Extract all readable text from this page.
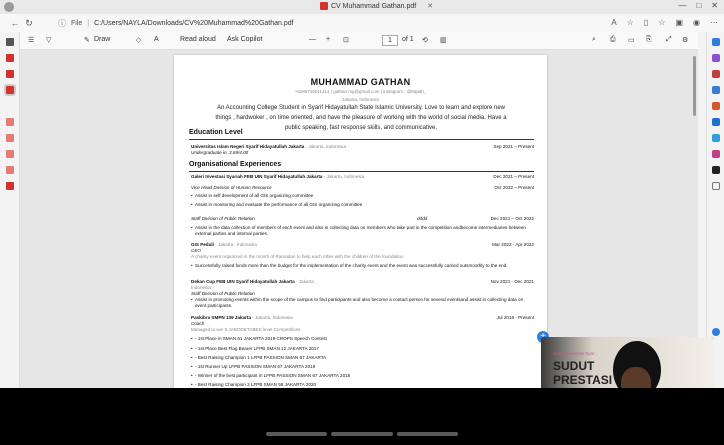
CV Muhammad Gathan.pdf ✕	— □ ✕
← ↻	ⓘ File | C:/Users/NAYLA/Downloads/CV%20Muhammad%20Gathan.pdf	A ☆ ▯ ☆ ▣ ◉ ⋯
☰ ▽	✎ Draw	◇ A	Read aloud Ask Copilot	— + ⊡	1	of 1 ⟲ ▥	⌕ ⎙ ▭ ⎘ ⤢ ⚙
MUHAMMAD GATHAN
+6285716011314 | gathan.mg@gmail.com | instagram : @Mgath_
Jakarta, Indonesia
An Accounting College Student in Syarif Hidayatullah State Islamic University. Love to learn and explore new things , hardwoker , on time oriented, and have the pleasure of working with the world of social media. Have a public speaking, fast response skills, and communicative.
Education Level
Universitas Islam Negeri Syarif Hidayatullah Jakarta - Jakarta, Indonesia	Sep 2021 – Present
Undergraduate in, 3.69/4.00
Organisational Experiences
Galeri Investasi Syariah FEB UIN Syarif Hidayatullah Jakarta - Jakarta, Indonesia	Dec 2021 – Present
Vice Head Division of Human Resource	Oct 2022 – Present
• Assist in self development of all GIS organizing committee
• Assist in monitoring and evaluate the performance of all GIS organizing committee
Staff Division of Public Relation	dddd	Dec 2021 – Oct 2022
• Assist in the data collection of members of each event and also in collecting data on members who take part in the competition andbecome intermediaries between external parties and internal parties.
GIS Peduli - Jakarta , Indonesia	Mar 2022 - Apr 2022
CEO
A charity event organized in the month of Ramadan to help each other with the children of the foundation
• Successfully raised funds more than the budget for the implementation of the charity event and the event was successfully carried outsmoothly to the end.
Dekan Cup FEB UIN Syarif Hidayatullah Jakarta - Jakarta ,	Nov 2021 - Dec 2021
Indonesia
Staff Division of Public Relation
• Assist in promoting events within the scope of the campus to find participants and also become a contact person for several eventsand assist in collecting data on event participants.
Paskibra SMPN 139 Jakarta - Jakarta, Indonesia	Jul 2018 - Present
Coach
Managed to win 6 JABODETABEK level Competitions
• - 1st Place in SMAN 61 JAKARTA 2019 CROPS Speech Contest
• - 1st Place Best Flag Bearer LFPB SMAN 12 JAKARTA 2017
• - Best Raising Champion 1 LFPB PASSION SMAN 67 JAKARTA
• - 1st Runner Up LFPB PASSION SMAN 67 JAKARTA 2019
• - Winner of the best participant in LFPB PASSION SMAN 67 JAKARTA 2018
• - Best Raising Champion 2 LFPB SMAN 58 JAKARTA 2020
Galeri Investasi Syar...
SUDUT
PRESTASI
